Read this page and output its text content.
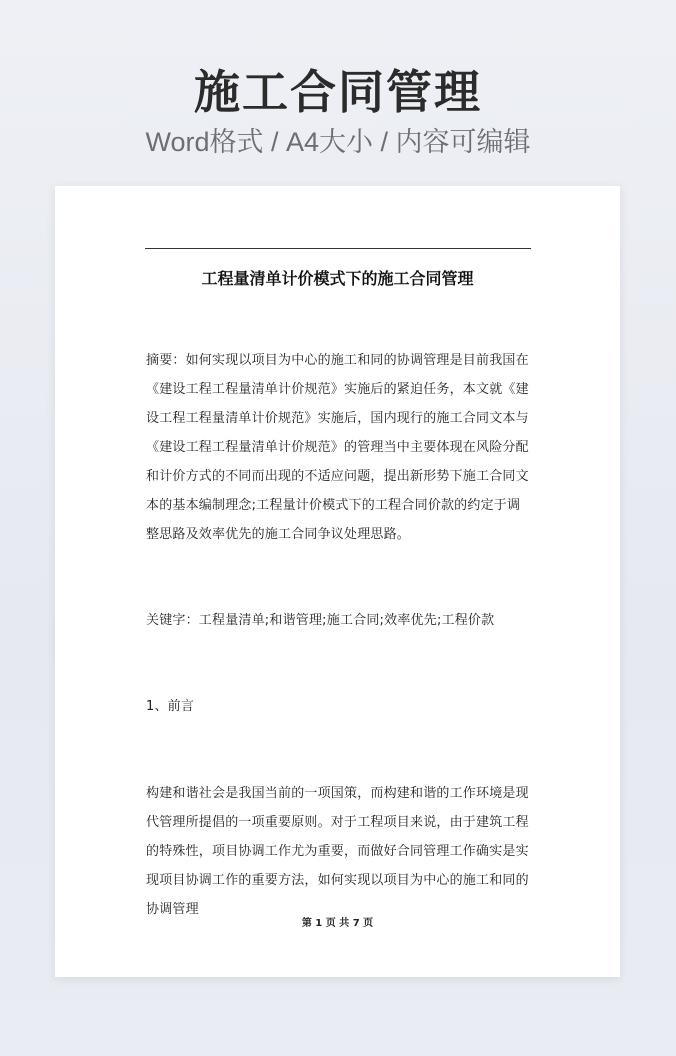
施工合同管理
Word格式 / A4大小 / 内容可编辑
工程量清单计价模式下的施工合同管理
摘要：如何实现以项目为中心的施工和同的协调管理是目前我国在《建设工程工程量清单计价规范》实施后的紧迫任务，本文就《建设工程工程量清单计价规范》实施后，国内现行的施工合同文本与《建设工程工程量清单计价规范》的管理当中主要体现在风险分配和计价方式的不同而出现的不适应问题，提出新形势下施工合同文本的基本编制理念;工程量计价模式下的工程合同价款的约定于调整思路及效率优先的施工合同争议处理思路。
关键字：工程量清单;和谐管理;施工合同;效率优先;工程价款
1、前言
构建和谐社会是我国当前的一项国策，而构建和谐的工作环境是现代管理所提倡的一项重要原则。对于工程项目来说，由于建筑工程的特殊性，项目协调工作尤为重要，而做好合同管理工作确实是实现项目协调工作的重要方法，如何实现以项目为中心的施工和同的协调管理
第 1 页 共 7 页
